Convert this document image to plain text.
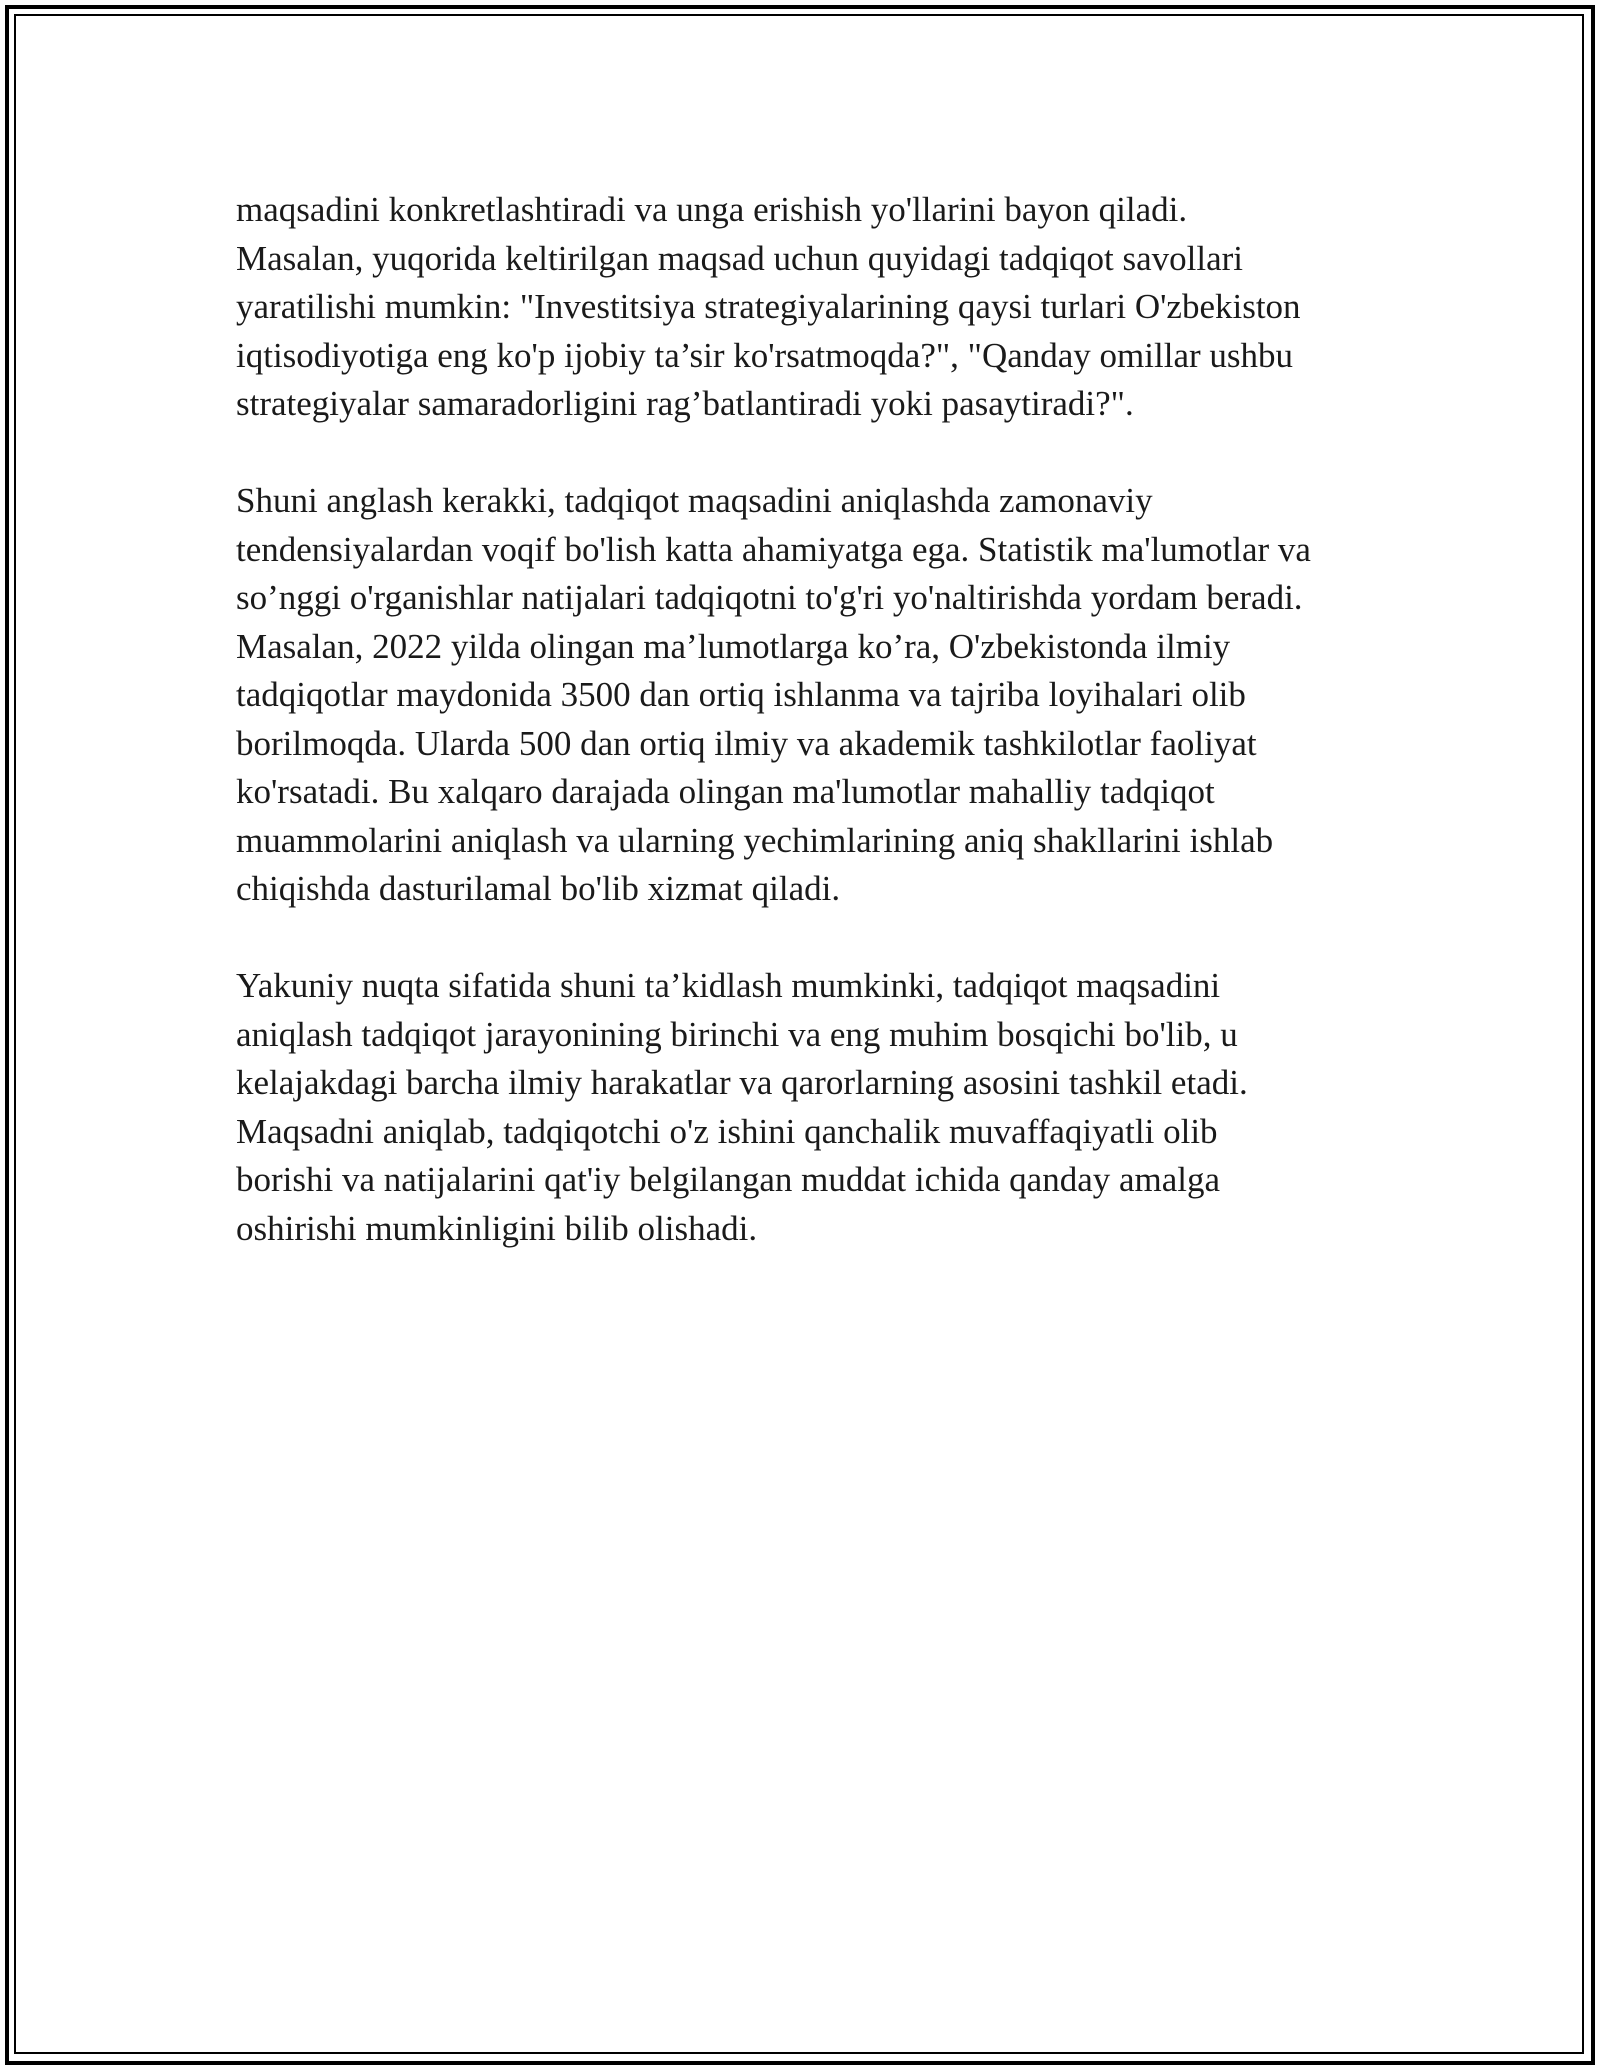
maqsadini konkretlashtiradi va unga erishish yo'llarini bayon qiladi.
Masalan, yuqorida keltirilgan maqsad uchun quyidagi tadqiqot savollari
yaratilishi mumkin: "Investitsiya strategiyalarining qaysi turlari O'zbekiston
iqtisodiyotiga eng ko'p ijobiy ta’sir ko'rsatmoqda?", "Qanday omillar ushbu
strategiyalar samaradorligini rag’batlantiradi yoki pasaytiradi?".

Shuni anglash kerakki, tadqiqot maqsadini aniqlashda zamonaviy
tendensiyalardan voqif bo'lish katta ahamiyatga ega. Statistik ma'lumotlar va
so’nggi o'rganishlar natijalari tadqiqotni to'g'ri yo'naltirishda yordam beradi.
Masalan, 2022 yilda olingan ma’lumotlarga ko’ra, O'zbekistonda ilmiy
tadqiqotlar maydonida 3500 dan ortiq ishlanma va tajriba loyihalari olib
borilmoqda. Ularda 500 dan ortiq ilmiy va akademik tashkilotlar faoliyat
ko'rsatadi. Bu xalqaro darajada olingan ma'lumotlar mahalliy tadqiqot
muammolarini aniqlash va ularning yechimlarining aniq shakllarini ishlab
chiqishda dasturilamal bo'lib xizmat qiladi.

Yakuniy nuqta sifatida shuni ta’kidlash mumkinki, tadqiqot maqsadini
aniqlash tadqiqot jarayonining birinchi va eng muhim bosqichi bo'lib, u
kelajakdagi barcha ilmiy harakatlar va qarorlarning asosini tashkil etadi.
Maqsadni aniqlab, tadqiqotchi o'z ishini qanchalik muvaffaqiyatli olib
borishi va natijalarini qat'iy belgilangan muddat ichida qanday amalga
oshirishi mumkinligini bilib olishadi.
